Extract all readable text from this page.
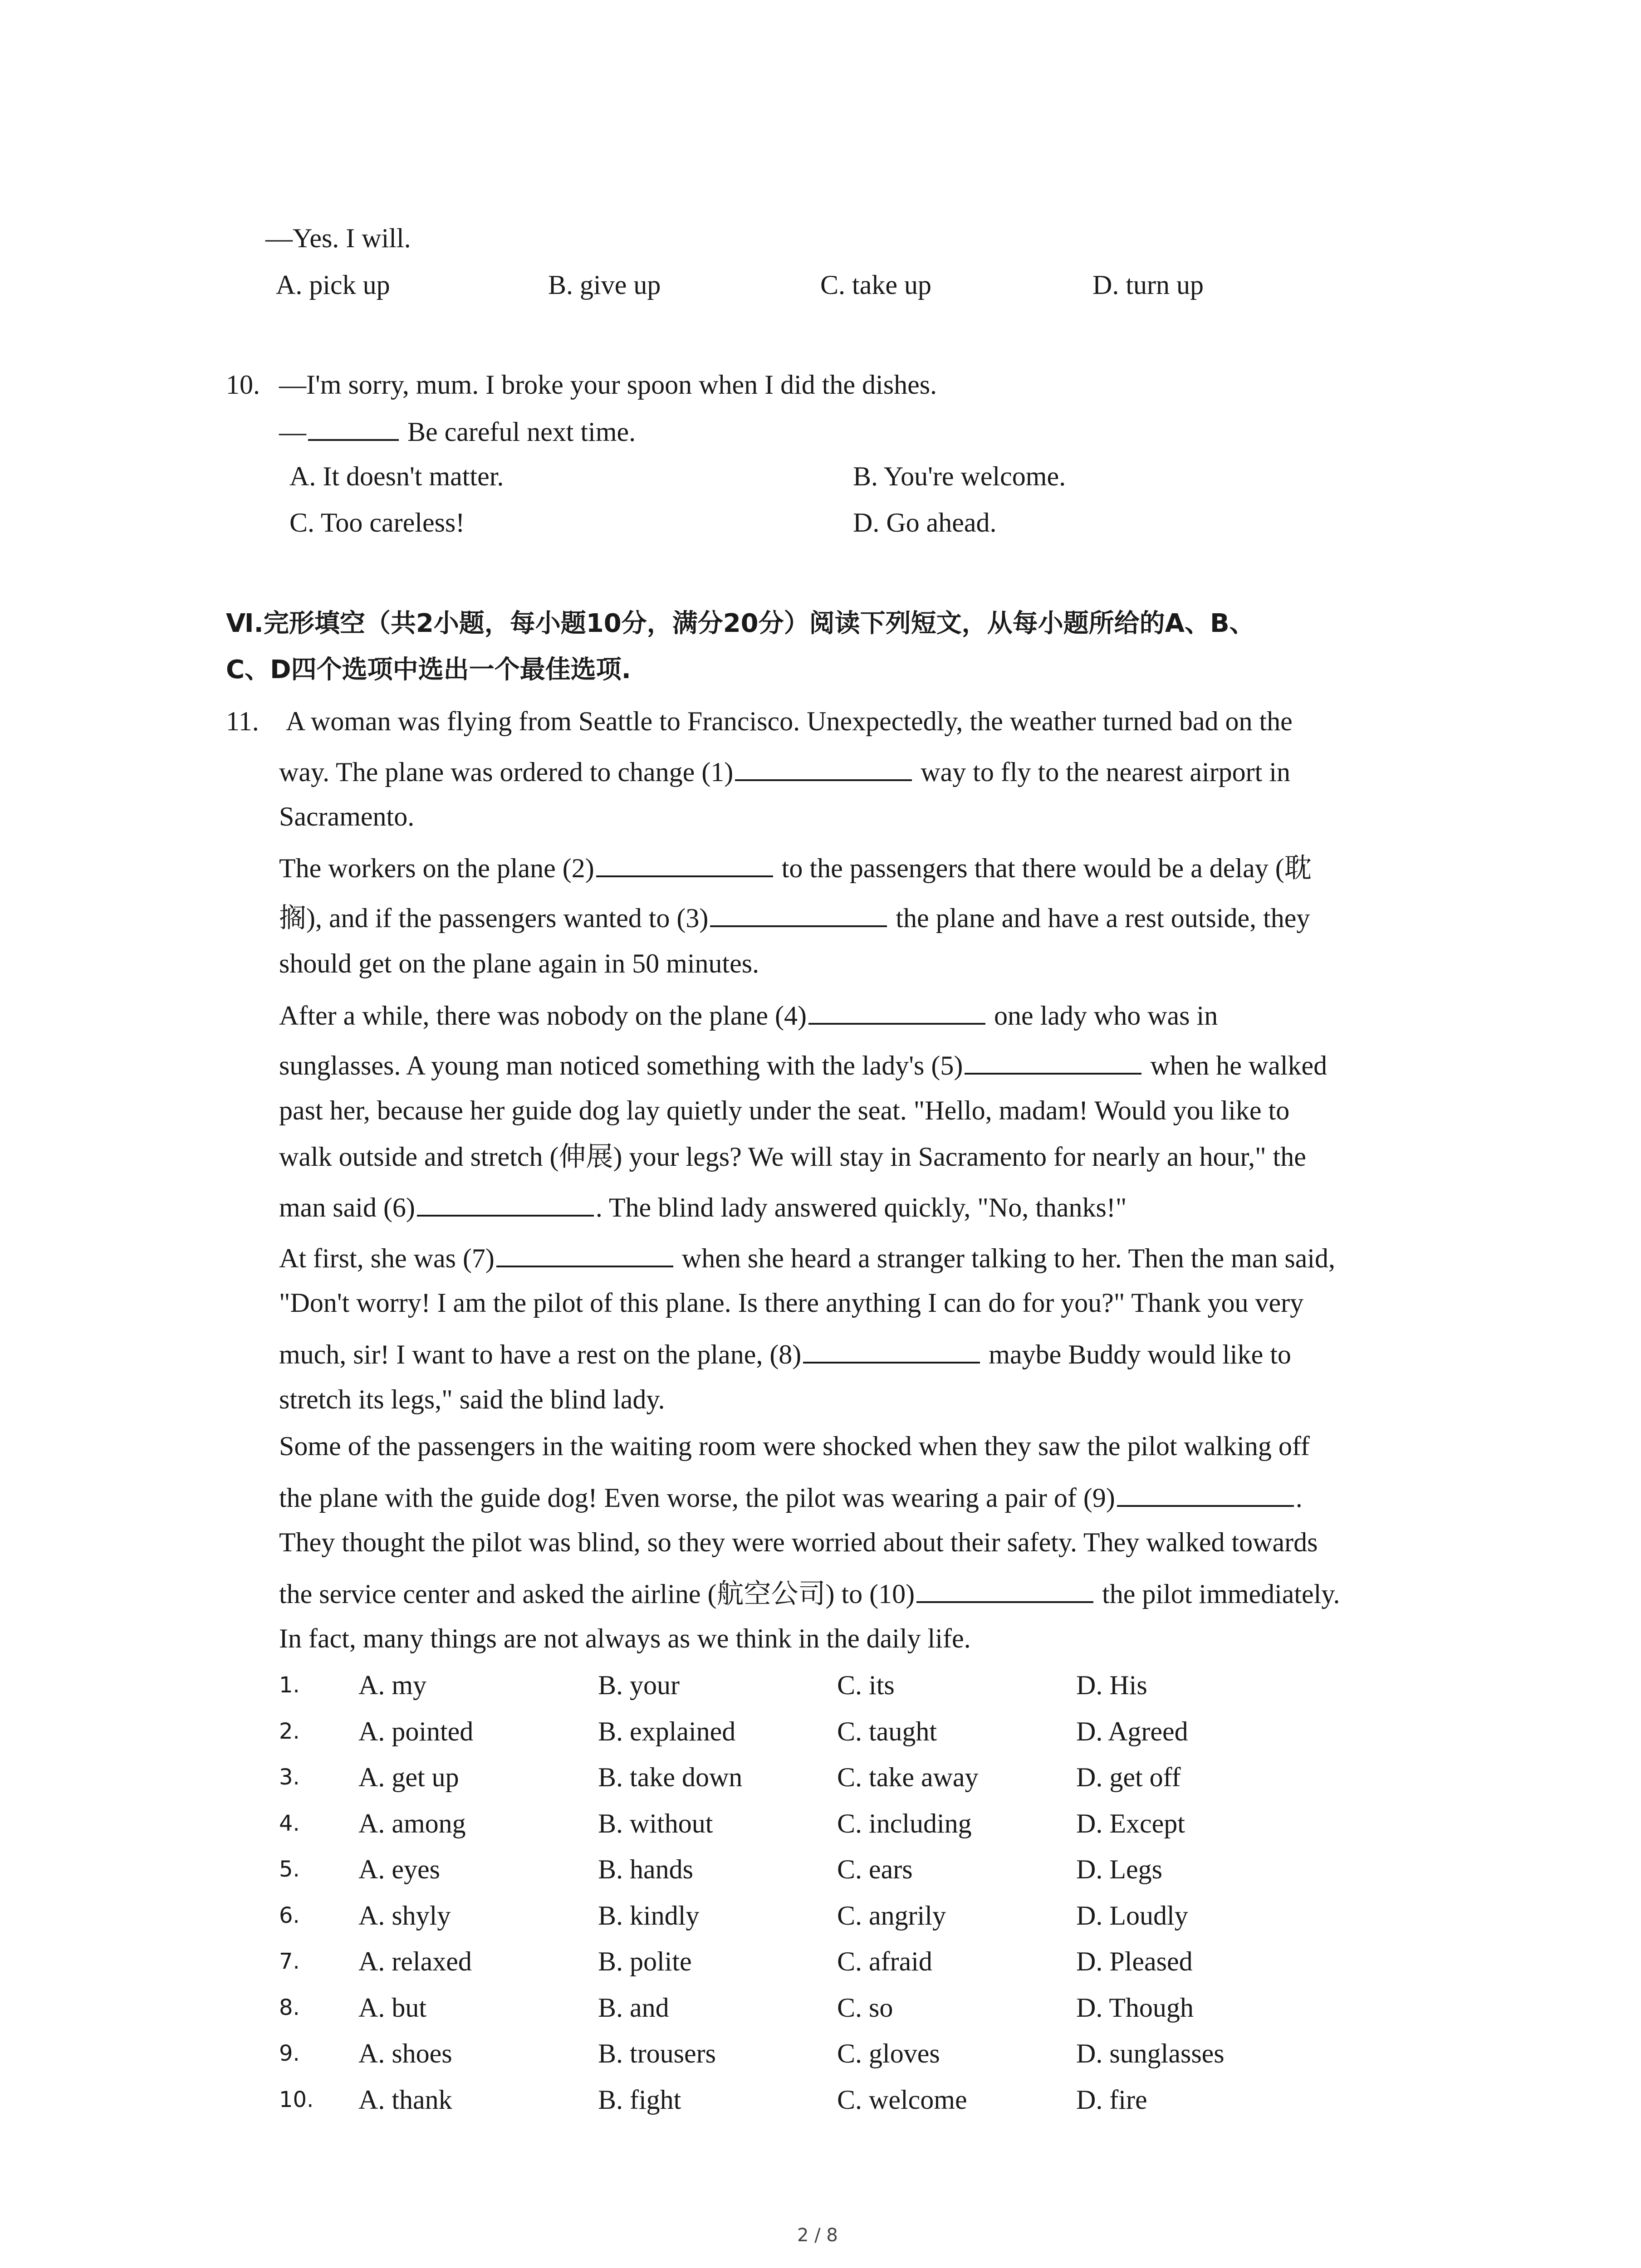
—Yes. I will.
A. pick up	B. give up	C. take up	D. turn up
10. —I'm sorry, mum. I broke your spoon when I did the dishes.
—	Be careful next time.
A. It doesn't matter.	B. You're welcome.
C. Too careless!	D. Go ahead.
Ⅵ.完形填空（共2小题，每小题10分，满分20分）阅读下列短文，从每小题所给的A、B、
C、D四个选项中选出一个最佳选项.
11. A woman was flying from Seattle to Francisco. Unexpectedly, the weather turned bad on the
way. The plane was ordered to change (1)	way to fly to the nearest airport in
Sacramento.
The workers on the plane (2)	to the passengers that there would be a delay (耽
搁), and if the passengers wanted to (3)	the plane and have a rest outside, they
should get on the plane again in 50 minutes.
After a while, there was nobody on the plane (4)	one lady who was in
sunglasses. A young man noticed something with the lady's (5)	when he walked
past her, because her guide dog lay quietly under the seat. "Hello, madam! Would you like to
walk outside and stretch (伸展) your legs? We will stay in Sacramento for nearly an hour," the
man said (6)	. The blind lady answered quickly, "No, thanks!"
At first, she was (7)	when she heard a stranger talking to her. Then the man said,
"Don't worry! I am the pilot of this plane. Is there anything I can do for you?" Thank you very
much, sir! I want to have a rest on the plane, (8)	maybe Buddy would like to
stretch its legs," said the blind lady.
Some of the passengers in the waiting room were shocked when they saw the pilot walking off
the plane with the guide dog! Even worse, the pilot was wearing a pair of (9)	.
They thought the pilot was blind, so they were worried about their safety. They walked towards
the service center and asked the airline (航空公司) to (10)	the pilot immediately.
In fact, many things are not always as we think in the daily life.
1. A. my	B. your	C. its	D. His
2. A. pointed	B. explained	C. taught	D. Agreed
3. A. get up	B. take down	C. take away	D. get off
4. A. among	B. without	C. including	D. Except
5. A. eyes	B. hands	C. ears	D. Legs
6. A. shyly	B. kindly	C. angrily	D. Loudly
7. A. relaxed	B. polite	C. afraid	D. Pleased
8. A. but	B. and	C. so	D. Though
9. A. shoes	B. trousers	C. gloves	D. sunglasses
10. A. thank	B. fight	C. welcome	D. fire
2 / 8
